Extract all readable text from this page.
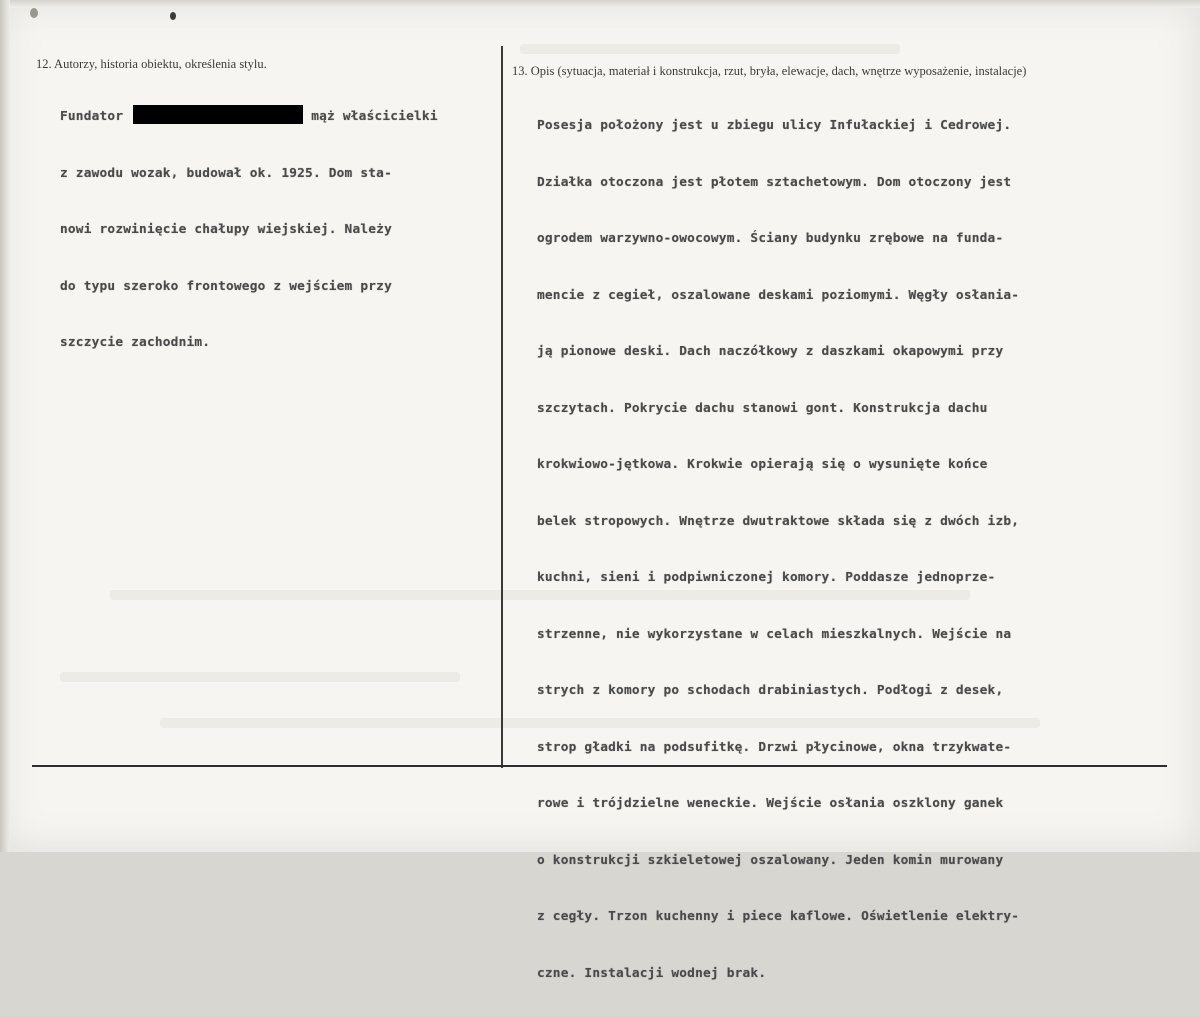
12. Autorzy, historia obiektu, określenia stylu.	13. Opis (sytuacja, materiał i konstrukcja, rzut, bryła, elewacje, dach, wnętrze wyposażenie, instalacje)

Fundator	mąż właścicielki

z zawodu wozak, budował ok. 1925. Dom sta-

nowi rozwinięcie chałupy wiejskiej. Należy

do typu szeroko frontowego z wejściem przy

szczycie zachodnim.

Posesja położony jest u zbiegu ulicy Infułackiej i Cedrowej.

Działka otoczona jest płotem sztachetowym. Dom otoczony jest

ogrodem warzywno-owocowym. Ściany budynku zrębowe na funda-

mencie z cegieł, oszalowane deskami poziomymi. Węgły osłania-

ją pionowe deski. Dach naczółkowy z daszkami okapowymi przy

szczytach. Pokrycie dachu stanowi gont. Konstrukcja dachu

krokwiowo-jętkowa. Krokwie opierają się o wysunięte końce

belek stropowych. Wnętrze dwutraktowe składa się z dwóch izb,

kuchni, sieni i podpiwniczonej komory. Poddasze jednoprze-

strzenne, nie wykorzystane w celach mieszkalnych. Wejście na

strych z komory po schodach drabiniastych. Podłogi z desek,

strop gładki na podsufitkę. Drzwi płycinowe, okna trzykwate-

rowe i trójdzielne weneckie. Wejście osłania oszklony ganek

o konstrukcji szkieletowej oszalowany. Jeden komin murowany

z cegły. Trzon kuchenny i piece kaflowe. Oświetlenie elektry-

czne. Instalacji wodnej brak.
